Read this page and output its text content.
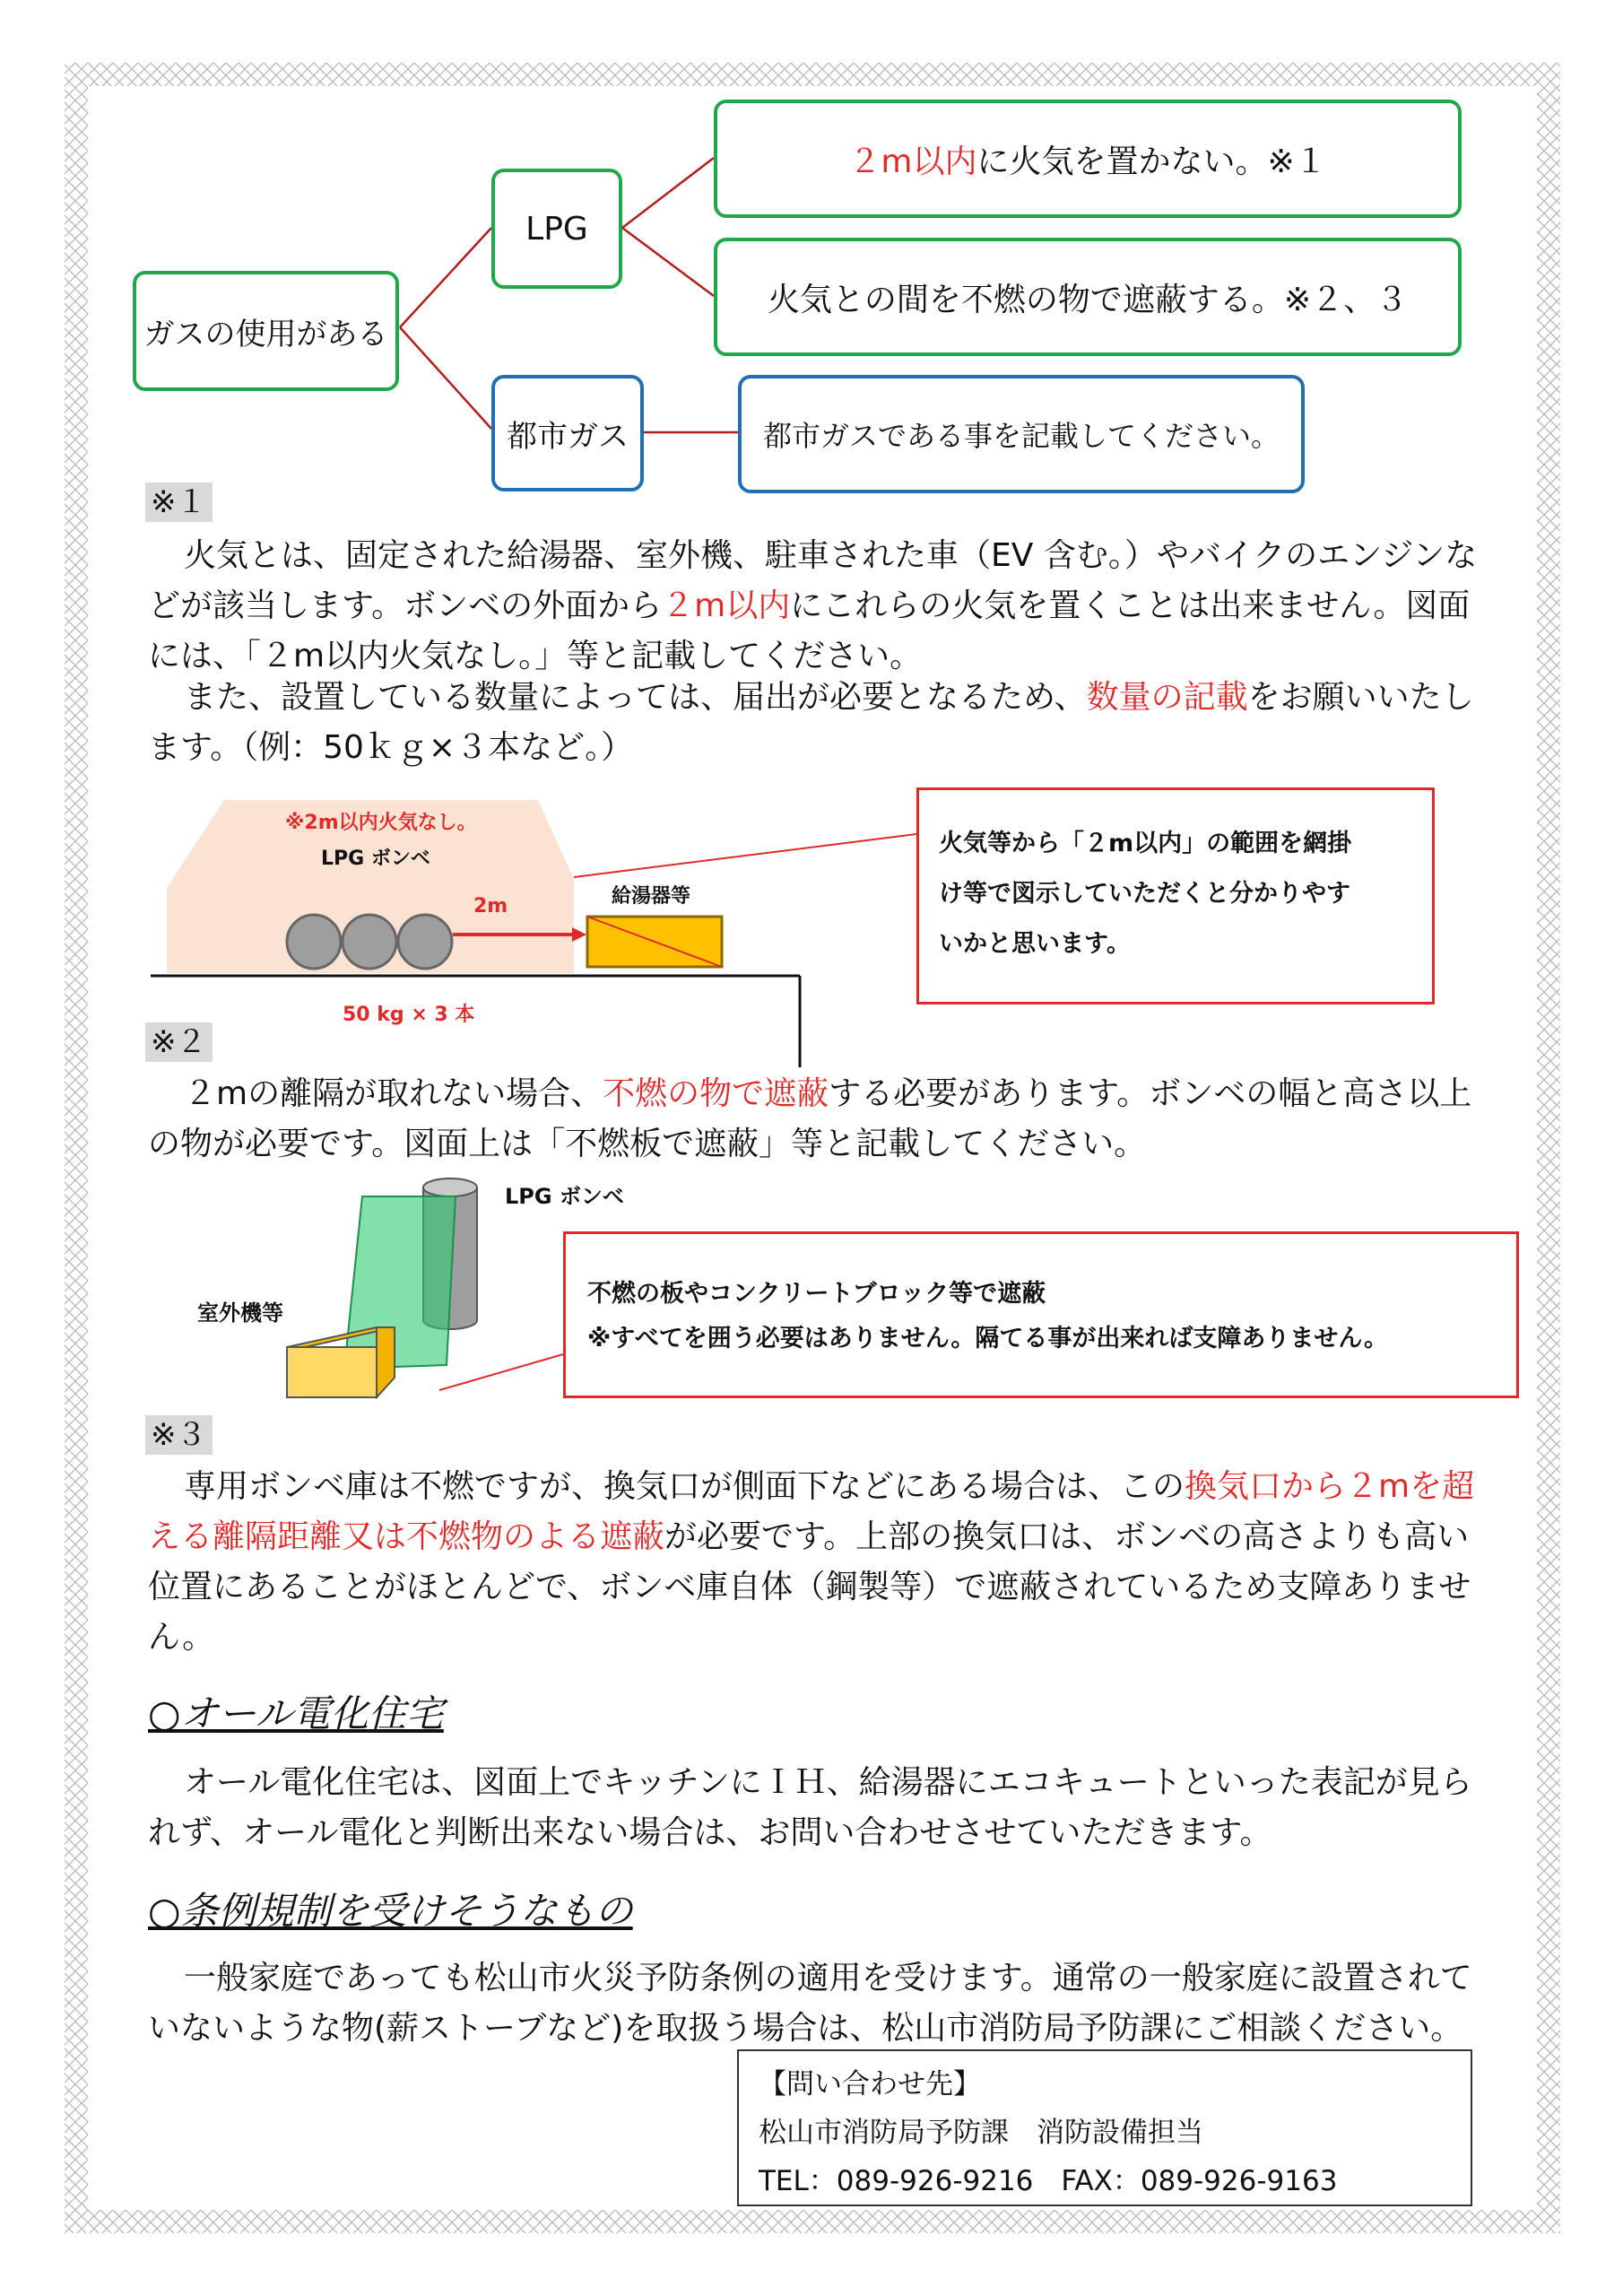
ガスの使用がある
LPG
都市ガス
２m以内に火気を置かない。※１
火気との間を不燃の物で遮蔽する。※２、３
都市ガスである事を記載してください。
※１

火気とは、固定された給湯器、室外機、駐車された車（EV 含む。）やバイクのエンジンなどが該当します。ボンベの外面から２m以内にこれらの火気を置くことは出来ません。図面には、「２m以内火気なし。」等と記載してください。

また、設置している数量によっては、届出が必要となるため、数量の記載をお願いいたします。（例：50ｋｇ×３本など。）

※2m以内火気なし。
LPG ボンベ
2m	給湯器等
50 kg × 3 本
火気等から「２m以内」の範囲を網掛
け等で図示していただくと分かりやす
いかと思います。
※２

２mの離隔が取れない場合、不燃の物で遮蔽する必要があります。ボンベの幅と高さ以上の物が必要です。図面上は「不燃板で遮蔽」等と記載してください。

LPG ボンベ
室外機等
不燃の板やコンクリートブロック等で遮蔽
※すべてを囲う必要はありません。隔てる事が出来れば支障ありません。
※３

専用ボンベ庫は不燃ですが、換気口が側面下などにある場合は、この換気口から２mを超える離隔距離又は不燃物のよる遮蔽が必要です。上部の換気口は、ボンベの高さよりも高い位置にあることがほとんどで、ボンベ庫自体（鋼製等）で遮蔽されているため支障ありません。

○オール電化住宅

オール電化住宅は、図面上でキッチンにＩＨ、給湯器にエコキュートといった表記が見られず、オール電化と判断出来ない場合は、お問い合わせさせていただきます。

○条例規制を受けそうなもの

一般家庭であっても松山市火災予防条例の適用を受けます。通常の一般家庭に設置されていないような物(薪ストーブなど)を取扱う場合は、松山市消防局予防課にご相談ください。

【問い合わせ先】
松山市消防局予防課　消防設備担当
TEL：089-926-9216　FAX：089-926-9163
